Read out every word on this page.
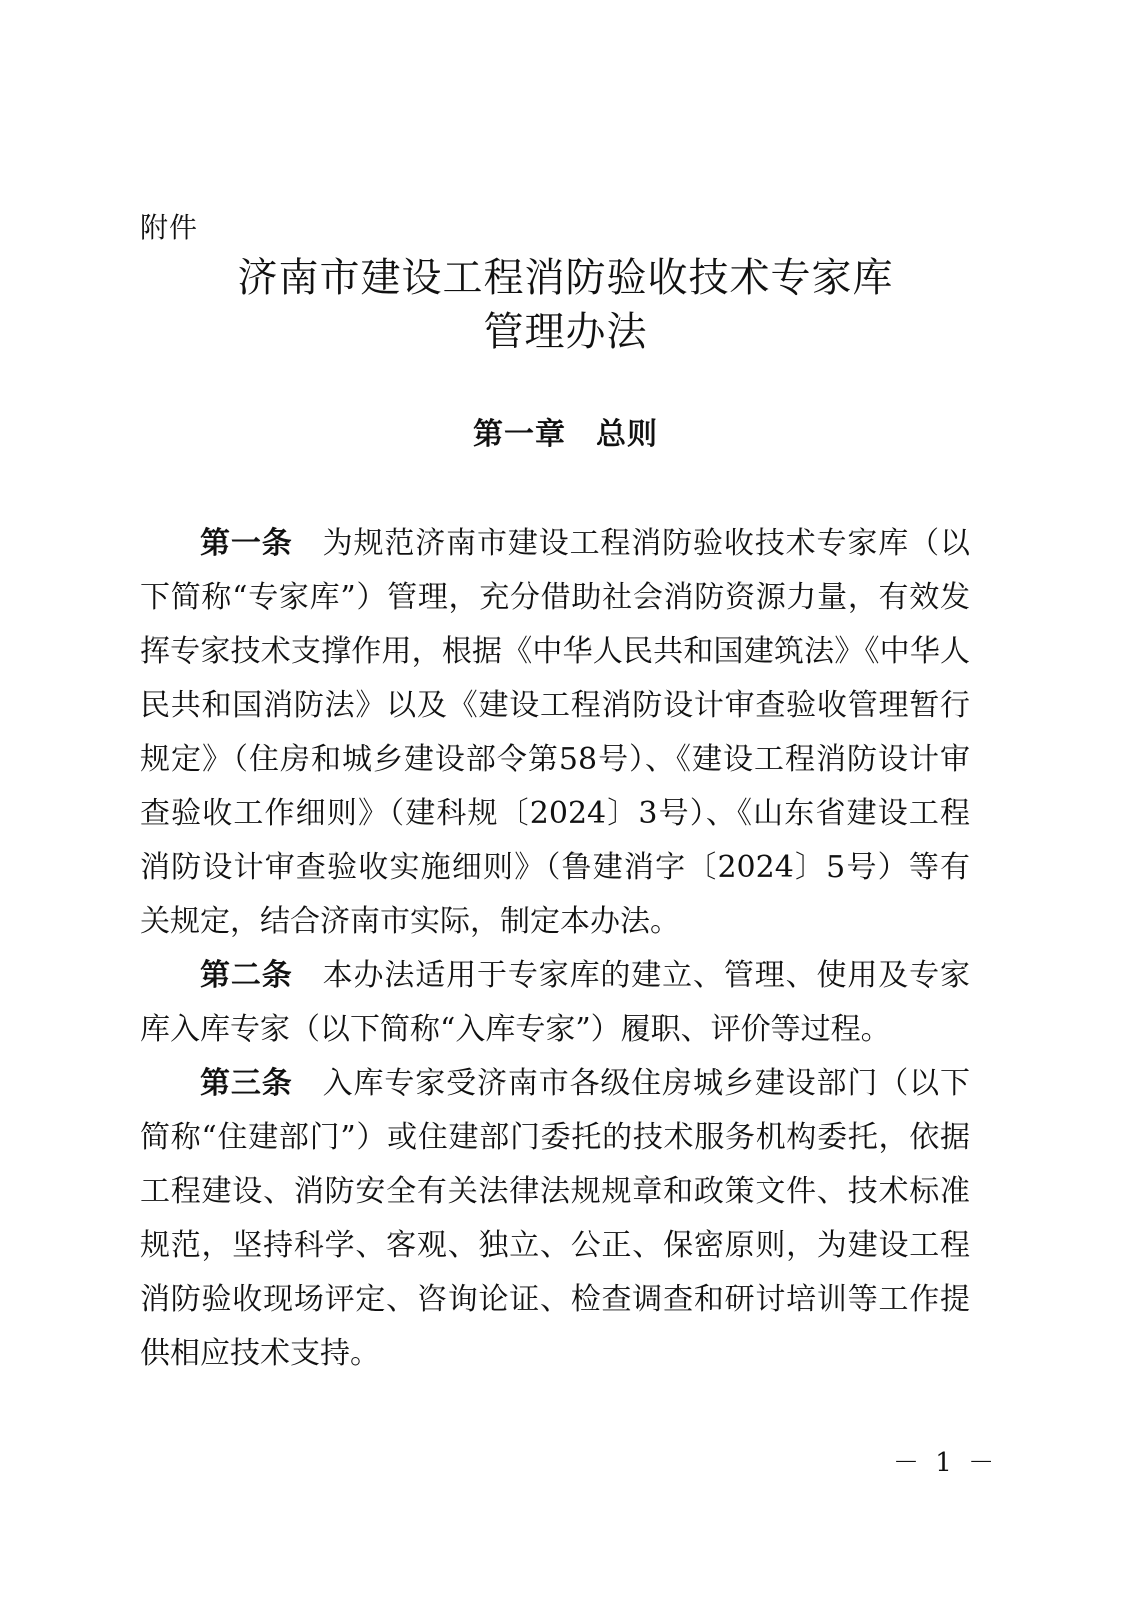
附件
济南市建设工程消防验收技术专家库
管理办法
第一章 总则

第一条 为规范济南市建设工程消防验收技术专家库（以下简称“专家库”）管理，充分借助社会消防资源力量，有效发挥专家技术支撑作用，根据《中华人民共和国建筑法》《中华人民共和国消防法》以及《建设工程消防设计审查验收管理暂行规定》（住房和城乡建设部令第58号）、《建设工程消防设计审查验收工作细则》（建科规〔2024〕3号）、《山东省建设工程消防设计审查验收实施细则》（鲁建消字〔2024〕5号）等有关规定，结合济南市实际，制定本办法。

第二条 本办法适用于专家库的建立、管理、使用及专家库入库专家（以下简称“入库专家”）履职、评价等过程。

第三条 入库专家受济南市各级住房城乡建设部门（以下简称“住建部门”）或住建部门委托的技术服务机构委托，依据工程建设、消防安全有关法律法规规章和政策文件、技术标准规范，坚持科学、客观、独立、公正、保密原则，为建设工程消防验收现场评定、咨询论证、检查调查和研讨培训等工作提供相应技术支持。

－ 1 －
